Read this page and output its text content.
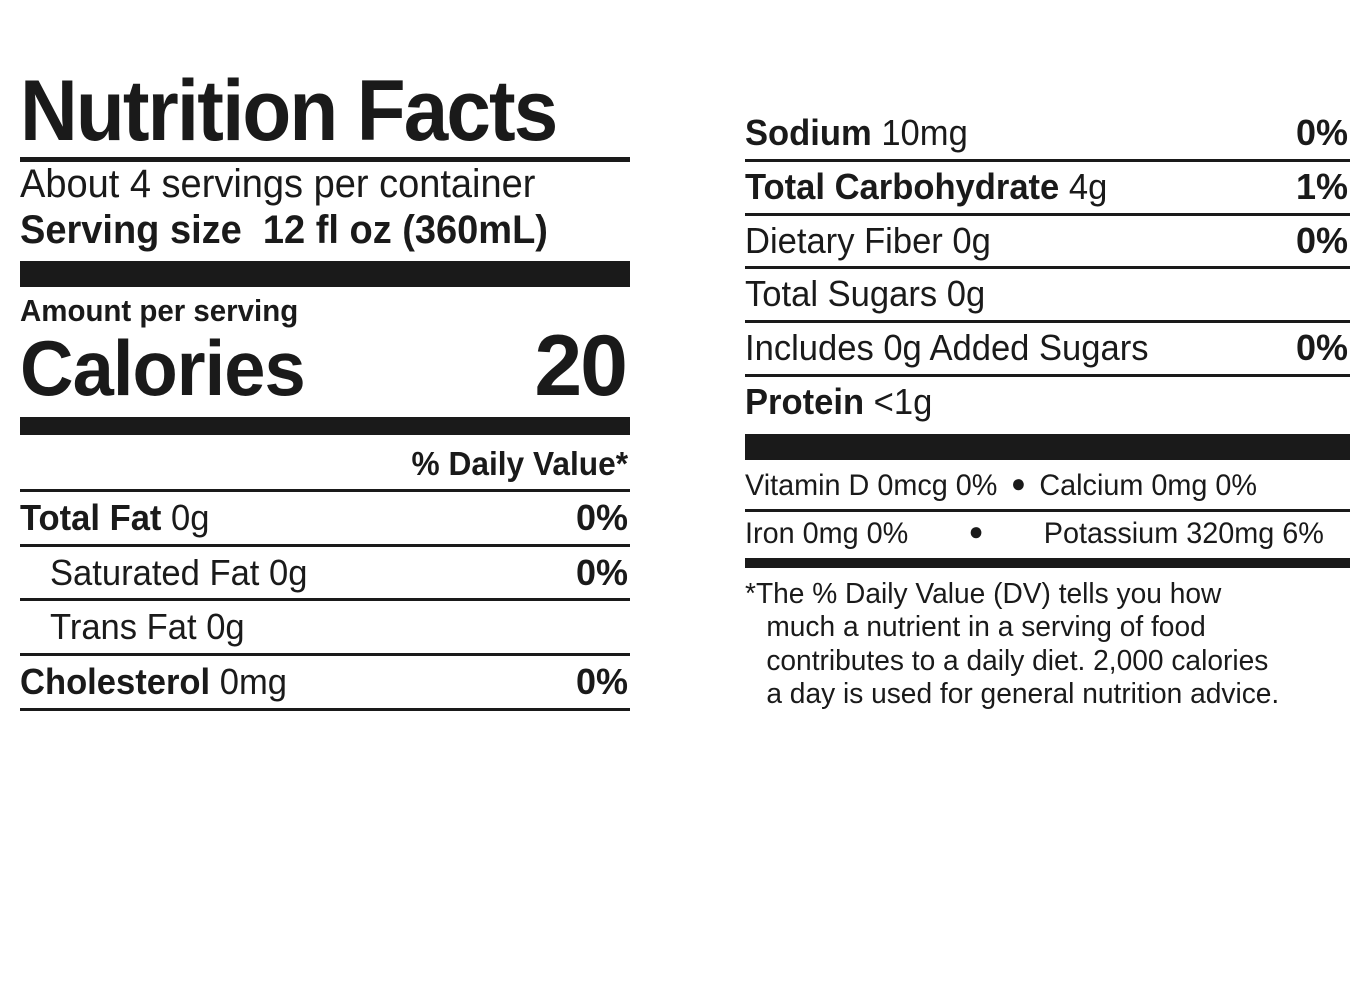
Nutrition Facts
About 4 servings per container
Serving size 12 fl oz (360mL)
Amount per serving
Calories	20
% Daily Value*
Total Fat 0g	0%
Saturated Fat 0g	0%
Trans Fat 0g
Cholesterol 0mg	0%
Sodium 10mg	0%
Total Carbohydrate 4g	1%
Dietary Fiber 0g	0%
Total Sugars 0g
Includes 0g Added Sugars	0%
Protein <1g
Vitamin D 0mcg 0% ● Calcium 0mg 0%
Iron 0mg 0% ● Potassium 320mg 6%
*The % Daily Value (DV) tells you how
much a nutrient in a serving of food
contributes to a daily diet. 2,000 calories
a day is used for general nutrition advice.
